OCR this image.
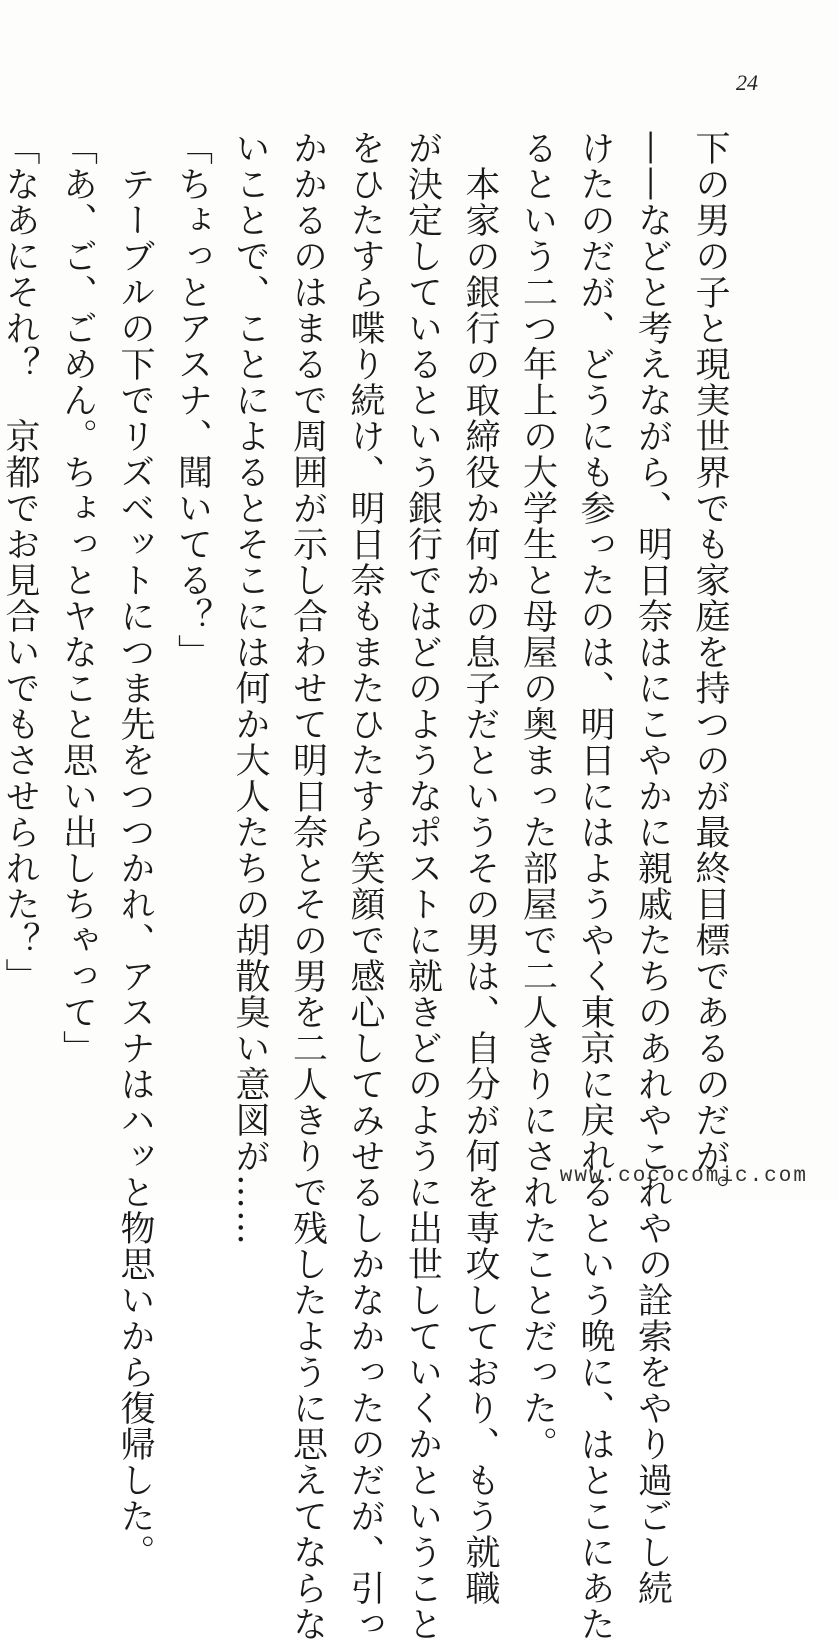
24

下の男の子と現実世界でも家庭を持つのが最終目標であるのだが。

——などと考えながら、明日奈はにこやかに親戚たちのあれやこれやの詮索をやり過ごし続

けたのだが、どうにも参ったのは、明日にはようやく東京に戻れるという晩に、はとこにあた

るという二つ年上の大学生と母屋の奥まった部屋で二人きりにされたことだった。

　本家の銀行の取締役か何かの息子だというその男は、自分が何を専攻しており、もう就職

が決定しているという銀行ではどのようなポストに就きどのように出世していくかということ

をひたすら喋り続け、明日奈もまたひたすら笑顔で感心してみせるしかなかったのだが、引っ

かかるのはまるで周囲が示し合わせて明日奈とその男を二人きりで残したように思えてならな

いことで、ことによるとそこには何か大人たちの胡散臭い意図が……

「ちょっとアスナ、聞いてる？」

　テーブルの下でリズベットにつま先をつつかれ、アスナはハッと物思いから復帰した。

「あ、ご、ごめん。ちょっとヤなこと思い出しちゃって」

「なあにそれ？　京都でお見合いでもさせられた？」

www.cococomic.com
